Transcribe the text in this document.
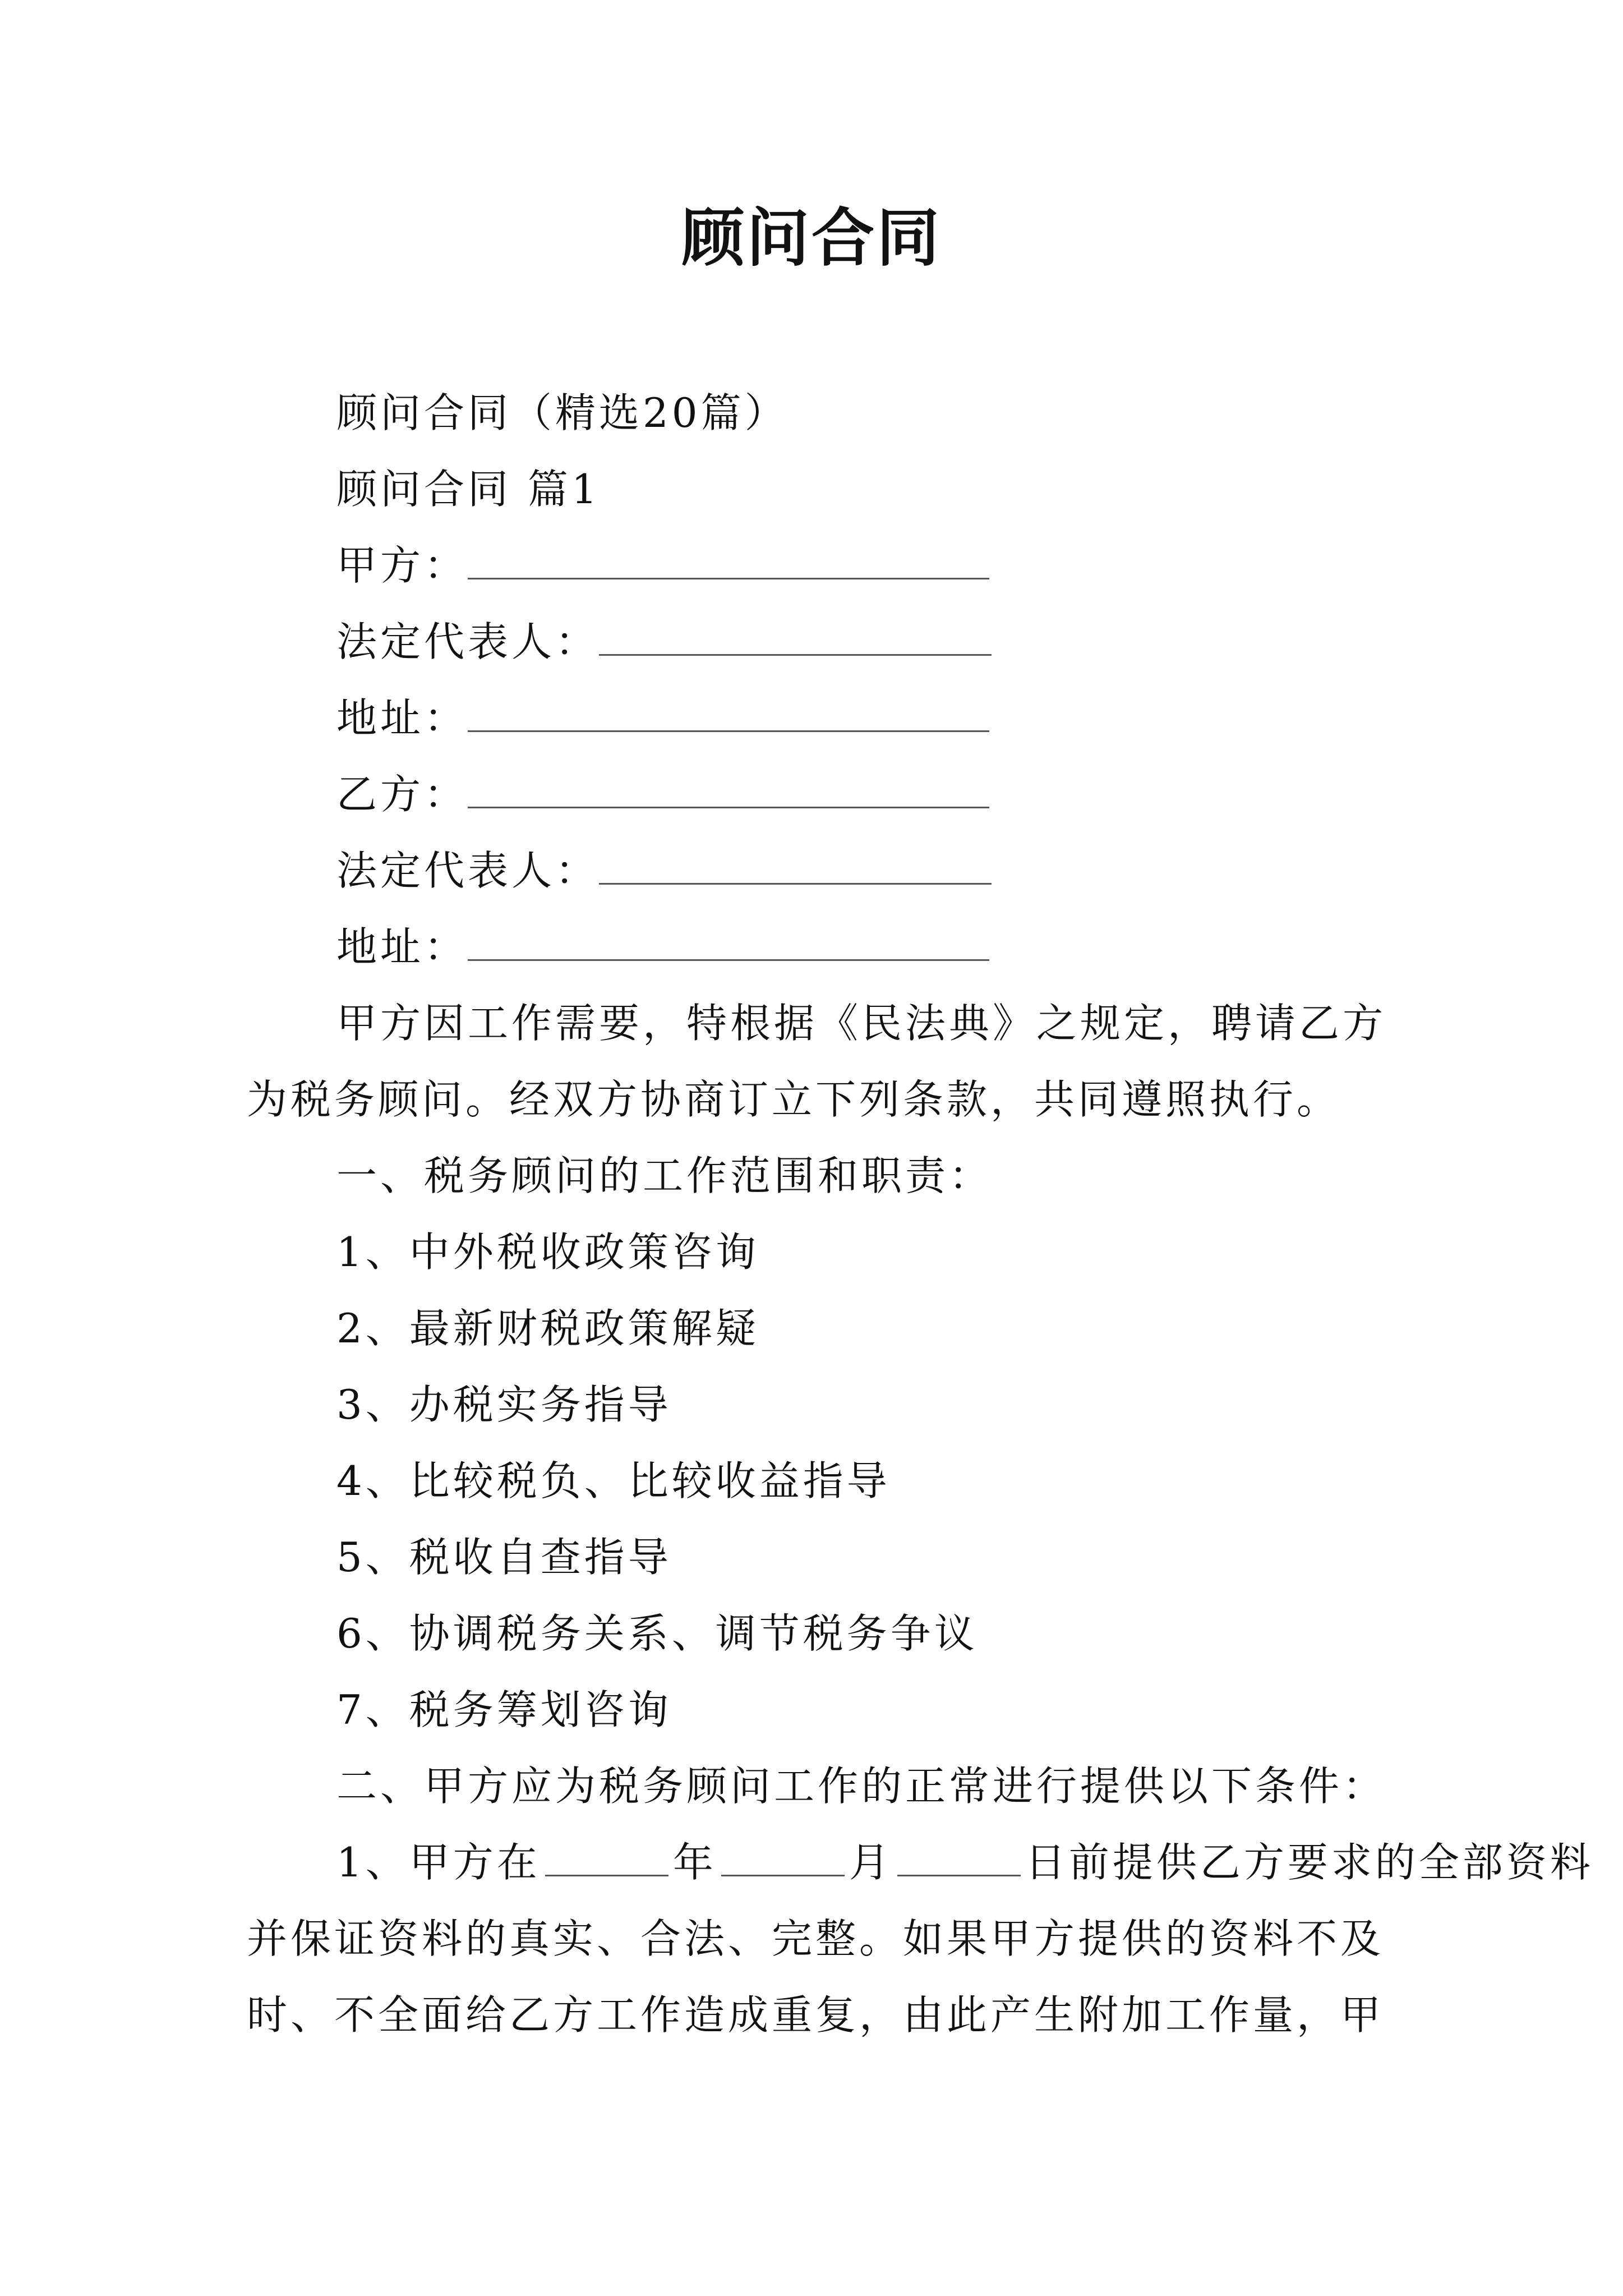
顾问合同
顾问合同（精选20篇）
顾问合同 篇1
甲方：
法定代表人：
地址：
乙方：
法定代表人：
地址：
甲方因工作需要，特根据《民法典》之规定，聘请乙方
为税务顾问。经双方协商订立下列条款，共同遵照执行。
一、税务顾问的工作范围和职责：
1、中外税收政策咨询
2、最新财税政策解疑
3、办税实务指导
4、比较税负、比较收益指导
5、税收自查指导
6、协调税务关系、调节税务争议
7、税务筹划咨询
二、甲方应为税务顾问工作的正常进行提供以下条件：
1、甲方在	年	月	日前提供乙方要求的全部资料
并保证资料的真实、合法、完整。如果甲方提供的资料不及
时、不全面给乙方工作造成重复，由此产生附加工作量，甲
